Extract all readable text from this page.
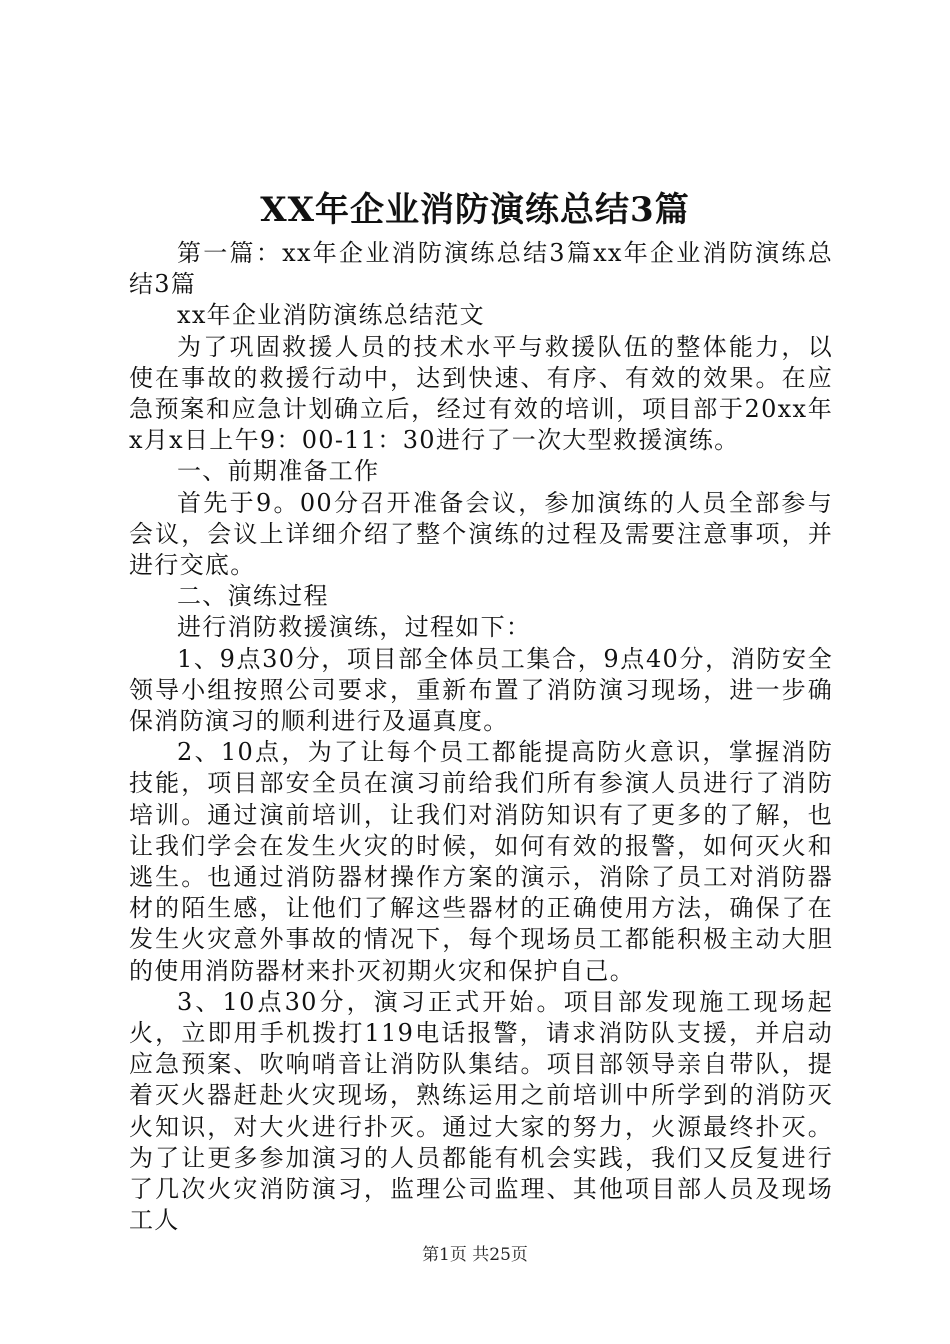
XX年企业消防演练总结3篇

第一篇：xx年企业消防演练总结3篇xx年企业消防演练总结3篇

xx年企业消防演练总结范文

为了巩固救援人员的技术水平与救援队伍的整体能力，以使在事故的救援行动中，达到快速、有序、有效的效果。在应急预案和应急计划确立后，经过有效的培训，项目部于20xx年x月x日上午9：00-11：30进行了一次大型救援演练。

一、前期准备工作

首先于9。00分召开准备会议，参加演练的人员全部参与会议，会议上详细介绍了整个演练的过程及需要注意事项，并进行交底。

二、演练过程

进行消防救援演练，过程如下：

1、9点30分，项目部全体员工集合，9点40分，消防安全领导小组按照公司要求，重新布置了消防演习现场，进一步确保消防演习的顺利进行及逼真度。

2、10点，为了让每个员工都能提高防火意识，掌握消防技能，项目部安全员在演习前给我们所有参演人员进行了消防培训。通过演前培训，让我们对消防知识有了更多的了解，也让我们学会在发生火灾的时候，如何有效的报警，如何灭火和逃生。也通过消防器材操作方案的演示，消除了员工对消防器材的陌生感，让他们了解这些器材的正确使用方法，确保了在发生火灾意外事故的情况下，每个现场员工都能积极主动大胆的使用消防器材来扑灭初期火灾和保护自己。

3、10点30分，演习正式开始。项目部发现施工现场起火，立即用手机拨打119电话报警，请求消防队支援，并启动应急预案、吹响哨音让消防队集结。项目部领导亲自带队，提着灭火器赶赴火灾现场，熟练运用之前培训中所学到的消防灭火知识，对大火进行扑灭。通过大家的努力，火源最终扑灭。为了让更多参加演习的人员都能有机会实践，我们又反复进行了几次火灾消防演习，监理公司监理、其他项目部人员及现场工人

第1页 共25页
